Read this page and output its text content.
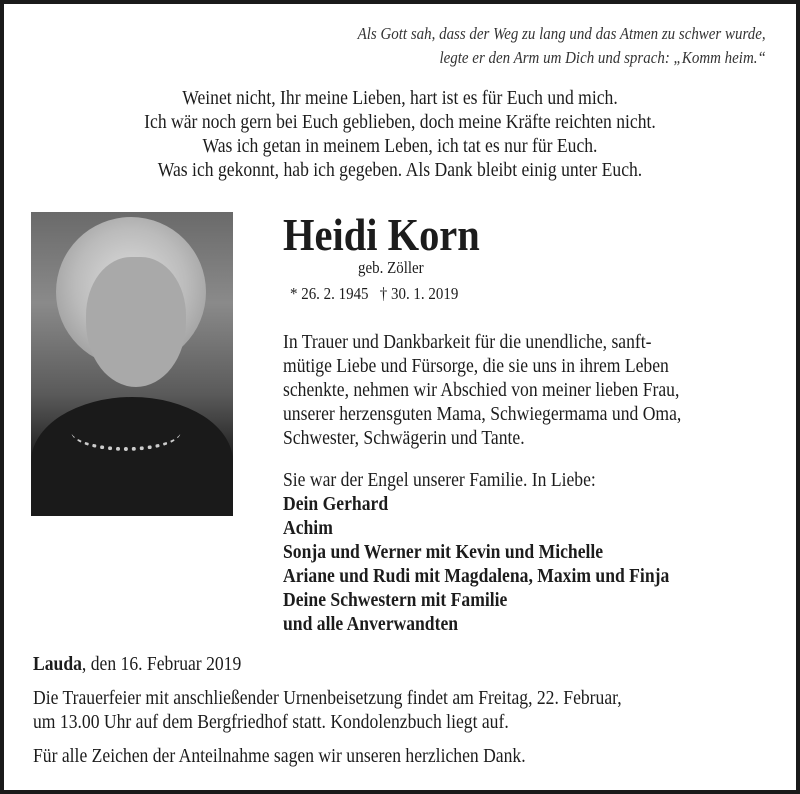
Als Gott sah, dass der Weg zu lang und das Atmen zu schwer wurde,
legte er den Arm um Dich und sprach: „Komm heim.“
Weinet nicht, Ihr meine Lieben, hart ist es für Euch und mich.
Ich wär noch gern bei Euch geblieben, doch meine Kräfte reichten nicht.
Was ich getan in meinem Leben, ich tat es nur für Euch.
Was ich gekonnt, hab ich gegeben. Als Dank bleibt einig unter Euch.
Heidi Korn
geb. Zöller
* 26. 2. 1945   † 30. 1. 2019
In Trauer und Dankbarkeit für die unendliche, sanft-
mütige Liebe und Fürsorge, die sie uns in ihrem Leben
schenkte, nehmen wir Abschied von meiner lieben Frau,
unserer herzensguten Mama, Schwiegermama und Oma,
Schwester, Schwägerin und Tante.
Sie war der Engel unserer Familie. In Liebe:
Dein Gerhard
Achim
Sonja und Werner mit Kevin und Michelle
Ariane und Rudi mit Magdalena, Maxim und Finja
Deine Schwestern mit Familie
und alle Anverwandten
Lauda, den 16. Februar 2019
Die Trauerfeier mit anschließender Urnenbeisetzung findet am Freitag, 22. Februar,
um 13.00 Uhr auf dem Bergfriedhof statt. Kondolenzbuch liegt auf.
Für alle Zeichen der Anteilnahme sagen wir unseren herzlichen Dank.
